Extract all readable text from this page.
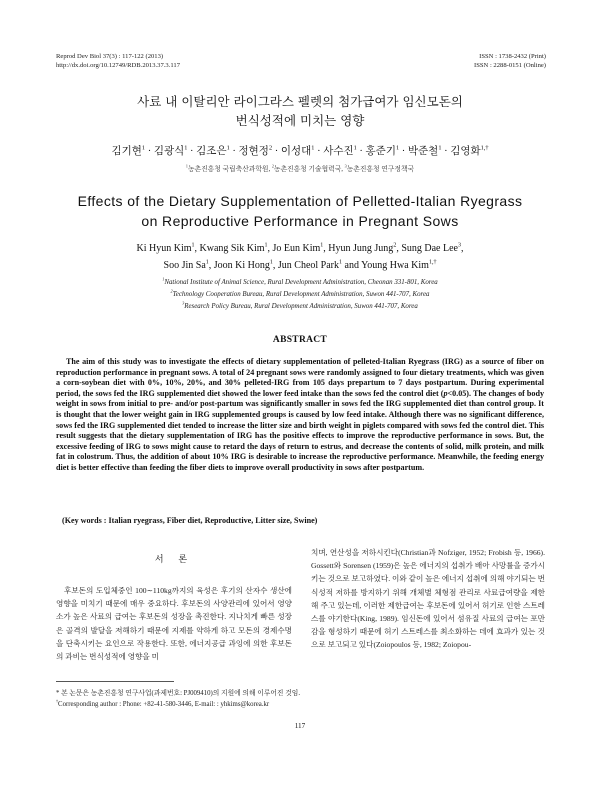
Reprod Dev Biol 37(3) : 117-122 (2013)
http://dx.doi.org/10.12749/RDB.2013.37.3.117
ISSN : 1738-2432 (Print)
ISSN : 2288-0151 (Online)
사료 내 이탈리안 라이그라스 펠렛의 첨가급여가 임신모돈의
번식성적에 미치는 영향
김기현$^1$ · 김광식$^1$ · 김조은$^1$ · 정현정$^2$ · 이성대$^1$ · 사수진$^1$ · 홍준기$^1$ · 박준철$^1$ · 김영화$^{1,\dagger}$
$^1$농촌진흥청 국립축산과학원, $^2$농촌진흥청 기술협력국, $^3$농촌진흥청 연구정책국
Effects of the Dietary Supplementation of Pelletted-Italian Ryegrass
on Reproductive Performance in Pregnant Sows
Ki Hyun Kim$^1$, Kwang Sik Kim$^1$, Jo Eun Kim$^1$, Hyun Jung Jung$^2$, Sung Dae Lee$^3$,
Soo Jin Sa$^1$, Joon Ki Hong$^1$, Jun Cheol Park$^1$ and Young Hwa Kim$^{1,\dagger}$
$^1$National Institute of Animal Science, Rural Development Administration, Cheonan 331-801, Korea
$^2$Technology Cooperation Bureau, Rural Development Administration, Suwon 441-707, Korea
$^3$Research Policy Bureau, Rural Development Administration, Suwon 441-707, Korea
ABSTRACT
The aim of this study was to investigate the effects of dietary supplementation of pelleted-Italian Ryegrass (IRG) as a source of fiber on reproduction performance in pregnant sows. A total of 24 pregnant sows were randomly assigned to four dietary treatments, which was given a corn-soybean diet with 0%, 10%, 20%, and 30% pelleted-IRG from 105 days prepartum to 7 days postpartum. During experimental period, the sows fed the IRG supplemented diet showed the lower feed intake than the sows fed the control diet (p<0.05). The changes of body weight in sows from initial to pre- and/or post-partum was significantly smaller in sows fed the IRG supplemented diet than control group. It is thought that the lower weight gain in IRG supplemented groups is caused by low feed intake. Although there was no significant difference, sows fed the IRG supplemented diet tended to increase the litter size and birth weight in piglets compared with sows fed the control diet. This result suggests that the dietary supplementation of IRG has the positive effects to improve the reproductive performance in sows. But, the excessive feeding of IRG to sows might cause to retard the days of return to estrus, and decrease the contents of solid, milk protein, and milk fat in colostrum. Thus, the addition of about 10% IRG is desirable to increase the reproductive performance. Meanwhile, the feeding energy diet is better effective than feeding the fiber diets to improve overall productivity in sows after postpartum.
(Key words : Italian ryegrass, Fiber diet, Reproductive, Litter size, Swine)
서 론
후보돈의 도입체중인 100∼110kg까지의 육성은 후기의 산자수 생산에 영향을 미치기 때문에 매우 중요하다. 후보돈의 사양관리에 있어서 영양소가 높은 사료의 급여는 후보돈의 성장을 촉진한다. 지나치게 빠른 성장은 골격의 발달을 저해하기 때문에 지제를 약하게 하고 모돈의 경제수명을 단축시키는 요인으로 작용한다. 또한, 에너지공급 과잉에 의한 후보돈의 과비는 번식성적에 영향을 미
치며, 연산성을 저하시킨다(Christian과 Nofziger, 1952; Frobish 등, 1966). Gossett와 Sorensen (1959)은 높은 에너지의 섭취가 배아 사망률을 증가시키는 것으로 보고하였다. 이와 같이 높은 에너지 섭취에 의해 야기되는 번식성적 저하를 방지하기 위해 개체별 체형점 관리로 사료급여량을 제한해 주고 있는데, 이러한 제한급여는 후보돈에 있어서 허기로 인한 스트레스를 야기한다(King, 1989). 임신돈에 있어서 섬유질 사료의 급여는 포만감을 형성하기 때문에 허기 스트레스를 최소화하는 데에 효과가 있는 것으로 보고되고 있다(Zoiopoulos 등, 1982; Zoiopou-
* 본 논문은 농촌진흥청 연구사업(과제번호: PJ009410)의 지원에 의해 이루어진 것임.
†Corresponding author : Phone: +82-41-580-3446, E-mail: : yhkims@korea.kr
117
